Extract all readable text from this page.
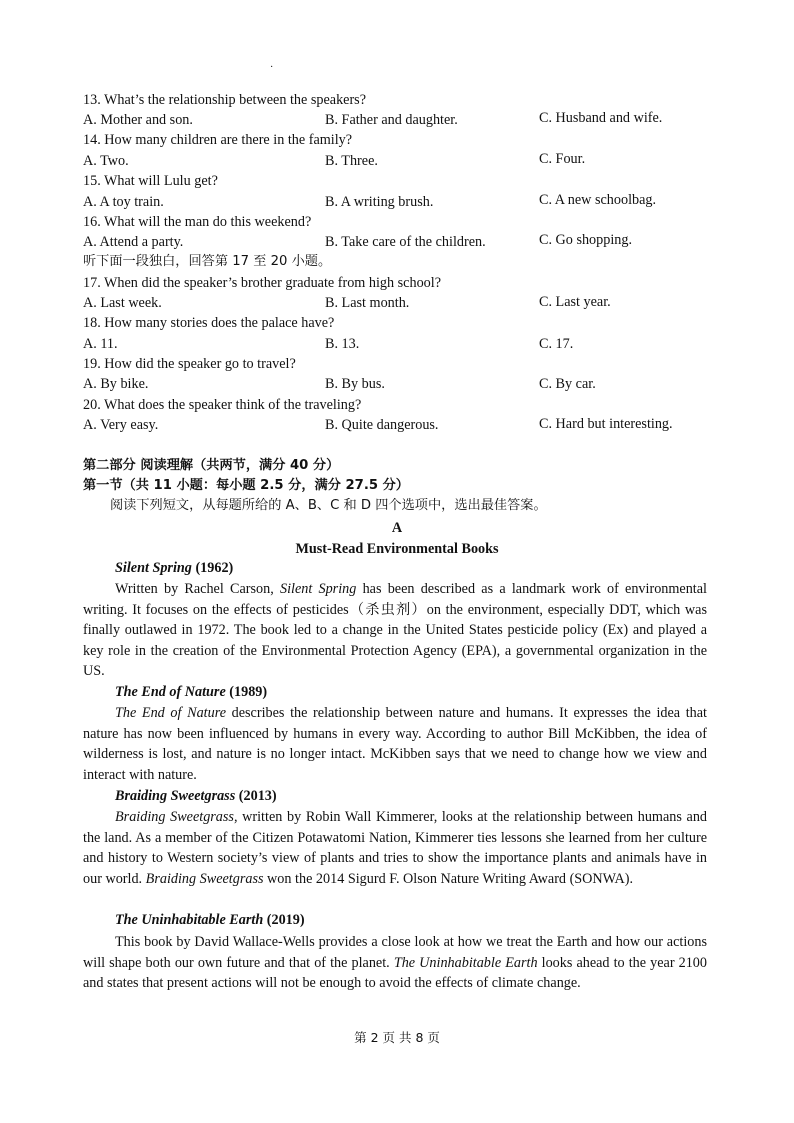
·
13. What’s the relationship between the speakers?
A. Mother and son.	B. Father and daughter.	C. Husband and wife.
14. How many children are there in the family?
A. Two.	B. Three.	C. Four.
15. What will Lulu get?
A. A toy train.	B. A writing brush.	C. A new schoolbag.
16. What will the man do this weekend?
A. Attend a party.	B. Take care of the children.	C. Go shopping.
听下面一段独白，回答第 17 至 20 小题。
17. When did the speaker’s brother graduate from high school?
A. Last week.	B. Last month.	C. Last year.
18. How many stories does the palace have?
A. 11.	B. 13.	C. 17.
19. How did the speaker go to travel?
A. By bike.	B. By bus.	C. By car.
20. What does the speaker think of the traveling?
A. Very easy.	B. Quite dangerous.	C. Hard but interesting.
第二部分 阅读理解（共两节，满分 40 分）
第一节（共 11 小题：每小题 2.5 分，满分 27.5 分）
阅读下列短文，从每题所给的 A、B、C 和 D 四个选项中，选出最佳答案。
A
Must-Read Environmental Books
Silent Spring (1962)
Written by Rachel Carson, Silent Spring has been described as a landmark work of environmental writing. It focuses on the effects of pesticides（杀虫剂）on the environment, especially DDT, which was finally outlawed in 1972. The book led to a change in the United States pesticide policy (Ex) and played a key role in the creation of the Environmental Protection Agency (EPA), a governmental organization in the US.
The End of Nature (1989)
The End of Nature describes the relationship between nature and humans. It expresses the idea that nature has now been influenced by humans in every way. According to author Bill McKibben, the idea of wilderness is lost, and nature is no longer intact. McKibben says that we need to change how we view and interact with nature.
Braiding Sweetgrass (2013)
Braiding Sweetgrass, written by Robin Wall Kimmerer, looks at the relationship between humans and the land. As a member of the Citizen Potawatomi Nation, Kimmerer ties lessons she learned from her culture and history to Western society’s view of plants and tries to show the importance plants and animals have in our world. Braiding Sweetgrass won the 2014 Sigurd F. Olson Nature Writing Award (SONWA).
The Uninhabitable Earth (2019)
This book by David Wallace-Wells provides a close look at how we treat the Earth and how our actions will shape both our own future and that of the planet. The Uninhabitable Earth looks ahead to the year 2100 and states that present actions will not be enough to avoid the effects of climate change.
第 2 页 共 8 页
